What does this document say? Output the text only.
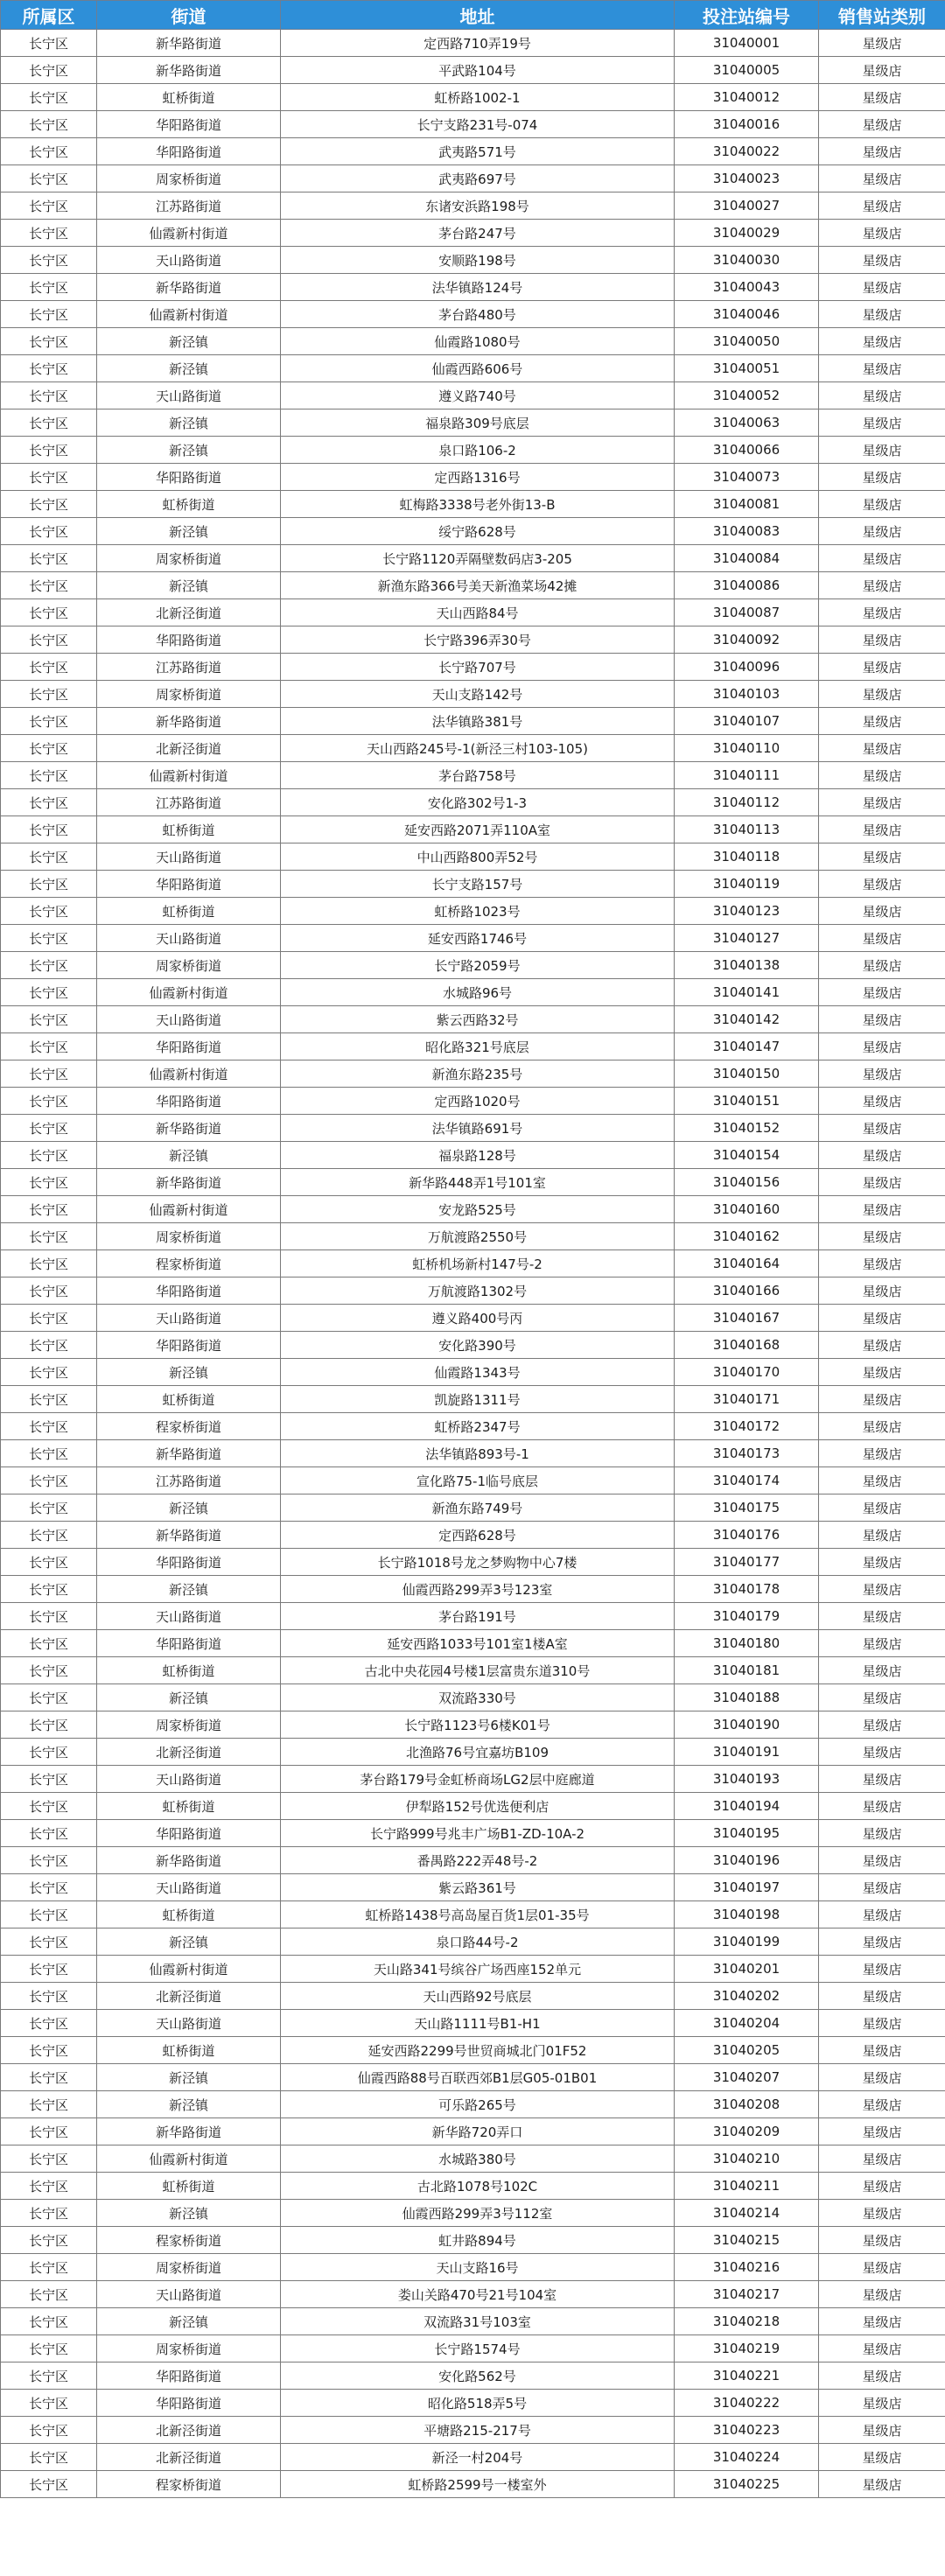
所属区	街道	地址	投注站编号	销售站类别
长宁区	新华路街道	定西路710弄19号	31040001	星级店
长宁区	新华路街道	平武路104号	31040005	星级店
长宁区	虹桥街道	虹桥路1002-1	31040012	星级店
长宁区	华阳路街道	长宁支路231号-074	31040016	星级店
长宁区	华阳路街道	武夷路571号	31040022	星级店
长宁区	周家桥街道	武夷路697号	31040023	星级店
长宁区	江苏路街道	东诸安浜路198号	31040027	星级店
长宁区	仙霞新村街道	茅台路247号	31040029	星级店
长宁区	天山路街道	安顺路198号	31040030	星级店
长宁区	新华路街道	法华镇路124号	31040043	星级店
长宁区	仙霞新村街道	茅台路480号	31040046	星级店
长宁区	新泾镇	仙霞路1080号	31040050	星级店
长宁区	新泾镇	仙霞西路606号	31040051	星级店
长宁区	天山路街道	遵义路740号	31040052	星级店
长宁区	新泾镇	福泉路309号底层	31040063	星级店
长宁区	新泾镇	泉口路106-2	31040066	星级店
长宁区	华阳路街道	定西路1316号	31040073	星级店
长宁区	虹桥街道	虹梅路3338号老外街13-B	31040081	星级店
长宁区	新泾镇	绥宁路628号	31040083	星级店
长宁区	周家桥街道	长宁路1120弄隔壁数码店3-205	31040084	星级店
长宁区	新泾镇	新渔东路366号美天新渔菜场42摊	31040086	星级店
长宁区	北新泾街道	天山西路84号	31040087	星级店
长宁区	华阳路街道	长宁路396弄30号	31040092	星级店
长宁区	江苏路街道	长宁路707号	31040096	星级店
长宁区	周家桥街道	天山支路142号	31040103	星级店
长宁区	新华路街道	法华镇路381号	31040107	星级店
长宁区	北新泾街道	天山西路245号-1(新泾三村103-105)	31040110	星级店
长宁区	仙霞新村街道	茅台路758号	31040111	星级店
长宁区	江苏路街道	安化路302号1-3	31040112	星级店
长宁区	虹桥街道	延安西路2071弄110A室	31040113	星级店
长宁区	天山路街道	中山西路800弄52号	31040118	星级店
长宁区	华阳路街道	长宁支路157号	31040119	星级店
长宁区	虹桥街道	虹桥路1023号	31040123	星级店
长宁区	天山路街道	延安西路1746号	31040127	星级店
长宁区	周家桥街道	长宁路2059号	31040138	星级店
长宁区	仙霞新村街道	水城路96号	31040141	星级店
长宁区	天山路街道	紫云西路32号	31040142	星级店
长宁区	华阳路街道	昭化路321号底层	31040147	星级店
长宁区	仙霞新村街道	新渔东路235号	31040150	星级店
长宁区	华阳路街道	定西路1020号	31040151	星级店
长宁区	新华路街道	法华镇路691号	31040152	星级店
长宁区	新泾镇	福泉路128号	31040154	星级店
长宁区	新华路街道	新华路448弄1号101室	31040156	星级店
长宁区	仙霞新村街道	安龙路525号	31040160	星级店
长宁区	周家桥街道	万航渡路2550号	31040162	星级店
长宁区	程家桥街道	虹桥机场新村147号-2	31040164	星级店
长宁区	华阳路街道	万航渡路1302号	31040166	星级店
长宁区	天山路街道	遵义路400号丙	31040167	星级店
长宁区	华阳路街道	安化路390号	31040168	星级店
长宁区	新泾镇	仙霞路1343号	31040170	星级店
长宁区	虹桥街道	凯旋路1311号	31040171	星级店
长宁区	程家桥街道	虹桥路2347号	31040172	星级店
长宁区	新华路街道	法华镇路893号-1	31040173	星级店
长宁区	江苏路街道	宣化路75-1临号底层	31040174	星级店
长宁区	新泾镇	新渔东路749号	31040175	星级店
长宁区	新华路街道	定西路628号	31040176	星级店
长宁区	华阳路街道	长宁路1018号龙之梦购物中心7楼	31040177	星级店
长宁区	新泾镇	仙霞西路299弄3号123室	31040178	星级店
长宁区	天山路街道	茅台路191号	31040179	星级店
长宁区	华阳路街道	延安西路1033号101室1楼A室	31040180	星级店
长宁区	虹桥街道	古北中央花园4号楼1层富贵东道310号	31040181	星级店
长宁区	新泾镇	双流路330号	31040188	星级店
长宁区	周家桥街道	长宁路1123号6楼K01号	31040190	星级店
长宁区	北新泾街道	北渔路76号宜嘉坊B109	31040191	星级店
长宁区	天山路街道	茅台路179号金虹桥商场LG2层中庭廊道	31040193	星级店
长宁区	虹桥街道	伊犁路152号优选便利店	31040194	星级店
长宁区	华阳路街道	长宁路999号兆丰广场B1-ZD-10A-2	31040195	星级店
长宁区	新华路街道	番禺路222弄48号-2	31040196	星级店
长宁区	天山路街道	紫云路361号	31040197	星级店
长宁区	虹桥街道	虹桥路1438号高岛屋百货1层01-35号	31040198	星级店
长宁区	新泾镇	泉口路44号-2	31040199	星级店
长宁区	仙霞新村街道	天山路341号缤谷广场西座152单元	31040201	星级店
长宁区	北新泾街道	天山西路92号底层	31040202	星级店
长宁区	天山路街道	天山路1111号B1-H1	31040204	星级店
长宁区	虹桥街道	延安西路2299号世贸商城北门01F52	31040205	星级店
长宁区	新泾镇	仙霞西路88号百联西郊B1层G05-01B01	31040207	星级店
长宁区	新泾镇	可乐路265号	31040208	星级店
长宁区	新华路街道	新华路720弄口	31040209	星级店
长宁区	仙霞新村街道	水城路380号	31040210	星级店
长宁区	虹桥街道	古北路1078号102C	31040211	星级店
长宁区	新泾镇	仙霞西路299弄3号112室	31040214	星级店
长宁区	程家桥街道	虹井路894号	31040215	星级店
长宁区	周家桥街道	天山支路16号	31040216	星级店
长宁区	天山路街道	娄山关路470号21号104室	31040217	星级店
长宁区	新泾镇	双流路31号103室	31040218	星级店
长宁区	周家桥街道	长宁路1574号	31040219	星级店
长宁区	华阳路街道	安化路562号	31040221	星级店
长宁区	华阳路街道	昭化路518弄5号	31040222	星级店
长宁区	北新泾街道	平塘路215-217号	31040223	星级店
长宁区	北新泾街道	新泾一村204号	31040224	星级店
长宁区	程家桥街道	虹桥路2599号一楼室外	31040225	星级店
